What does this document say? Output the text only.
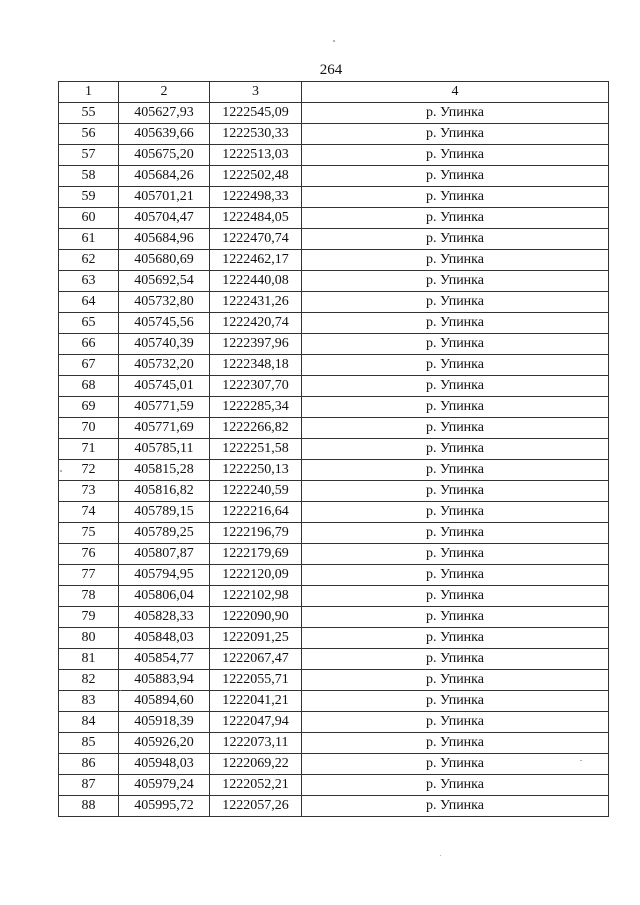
264
1	2	3	4
55	405627,93	1222545,09	р. Упинка
56	405639,66	1222530,33	р. Упинка
57	405675,20	1222513,03	р. Упинка
58	405684,26	1222502,48	р. Упинка
59	405701,21	1222498,33	р. Упинка
60	405704,47	1222484,05	р. Упинка
61	405684,96	1222470,74	р. Упинка
62	405680,69	1222462,17	р. Упинка
63	405692,54	1222440,08	р. Упинка
64	405732,80	1222431,26	р. Упинка
65	405745,56	1222420,74	р. Упинка
66	405740,39	1222397,96	р. Упинка
67	405732,20	1222348,18	р. Упинка
68	405745,01	1222307,70	р. Упинка
69	405771,59	1222285,34	р. Упинка
70	405771,69	1222266,82	р. Упинка
71	405785,11	1222251,58	р. Упинка
72	405815,28	1222250,13	р. Упинка
73	405816,82	1222240,59	р. Упинка
74	405789,15	1222216,64	р. Упинка
75	405789,25	1222196,79	р. Упинка
76	405807,87	1222179,69	р. Упинка
77	405794,95	1222120,09	р. Упинка
78	405806,04	1222102,98	р. Упинка
79	405828,33	1222090,90	р. Упинка
80	405848,03	1222091,25	р. Упинка
81	405854,77	1222067,47	р. Упинка
82	405883,94	1222055,71	р. Упинка
83	405894,60	1222041,21	р. Упинка
84	405918,39	1222047,94	р. Упинка
85	405926,20	1222073,11	р. Упинка
86	405948,03	1222069,22	р. Упинка
87	405979,24	1222052,21	р. Упинка
88	405995,72	1222057,26	р. Упинка
